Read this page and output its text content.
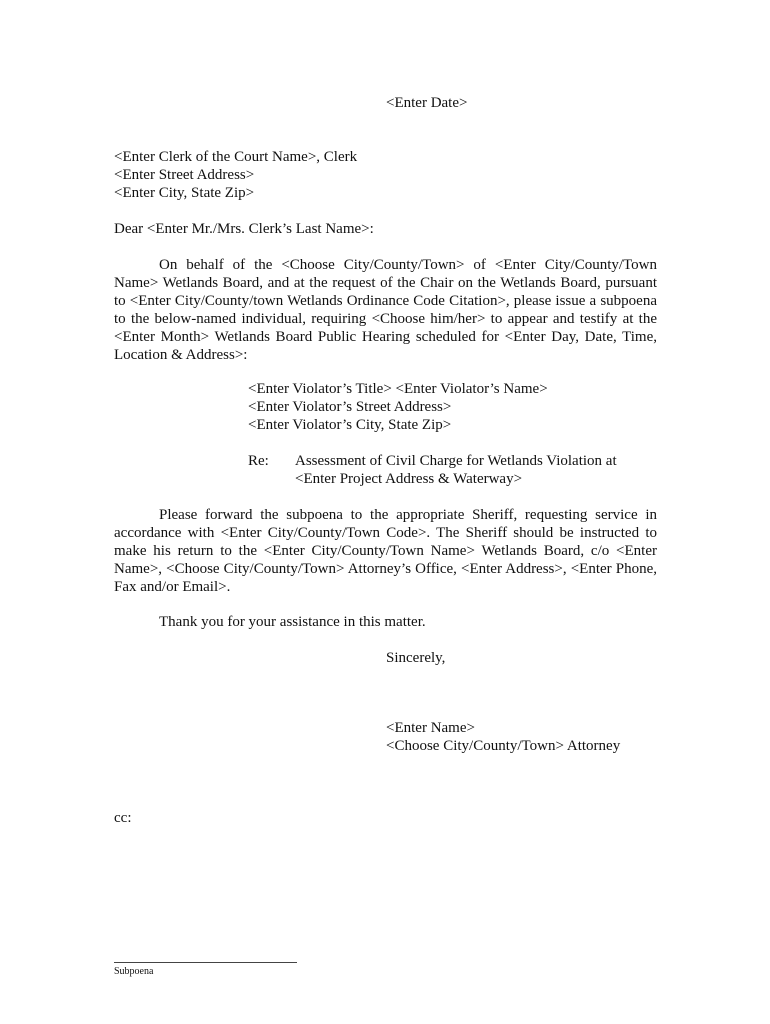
<Enter Date>
<Enter Clerk of the Court Name>, Clerk
<Enter Street Address>
<Enter City, State Zip>
Dear <Enter Mr./Mrs. Clerk’s Last Name>:
On behalf of the <Choose City/County/Town> of <Enter City/County/Town Name> Wetlands Board, and at the request of the Chair on the Wetlands Board, pursuant to <Enter City/County/town Wetlands Ordinance Code Citation>, please issue a subpoena to the below-named individual, requiring <Choose him/her> to appear and testify at the <Enter Month> Wetlands Board Public Hearing scheduled for <Enter Day, Date, Time, Location & Address>:
<Enter Violator’s Title> <Enter Violator’s Name>
<Enter Violator’s Street Address>
<Enter Violator’s City, State Zip>
Re: Assessment of Civil Charge for Wetlands Violation at
<Enter Project Address & Waterway>
Please forward the subpoena to the appropriate Sheriff, requesting service in accordance with <Enter City/County/Town Code>. The Sheriff should be instructed to make his return to the <Enter City/County/Town Name> Wetlands Board, c/o <Enter Name>, <Choose City/County/Town> Attorney’s Office, <Enter Address>, <Enter Phone, Fax and/or Email>.
Thank you for your assistance in this matter.
Sincerely,
<Enter Name>
<Choose City/County/Town> Attorney
cc:
Subpoena
